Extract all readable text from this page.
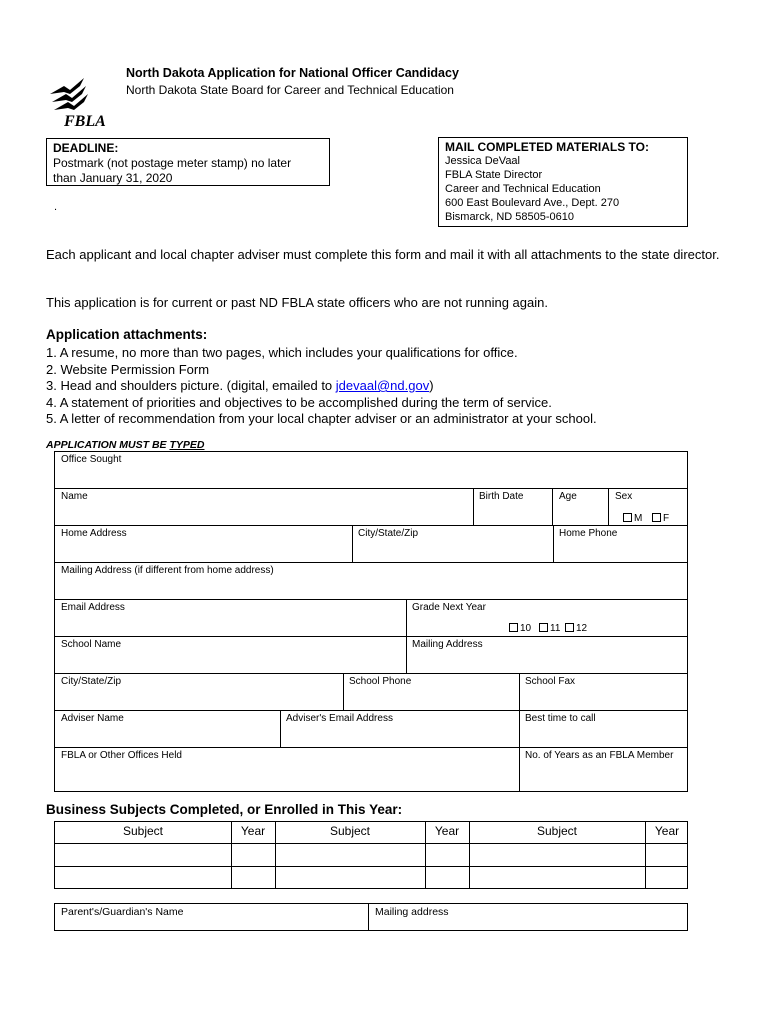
FBLA
North Dakota Application for National Officer Candidacy
North Dakota State Board for Career and Technical Education
DEADLINE:
Postmark (not postage meter stamp) no later
than January 31, 2020
.
MAIL COMPLETED MATERIALS TO:
Jessica DeVaal
FBLA State Director
Career and Technical Education
600 East Boulevard Ave., Dept. 270
Bismarck, ND 58505-0610
Each applicant and local chapter adviser must complete this form and mail it with all attachments to the state director.
This application is for current or past ND FBLA state officers who are not running again.
Application attachments:
1. A resume, no more than two pages, which includes your qualifications for office.
2. Website Permission Form
3. Head and shoulders picture. (digital, emailed to jdevaal@nd.gov)
4. A statement of priorities and objectives to be accomplished during the term of service.
5. A letter of recommendation from your local chapter adviser or an administrator at your school.
APPLICATION MUST BE TYPED
Office Sought
Name	Birth Date	Age	Sex
M	F
Home Address	City/State/Zip	Home Phone
Mailing Address (if different from home address)
Email Address	Grade Next Year
10	11	12
School Name	Mailing Address
City/State/Zip	School Phone	School Fax
Adviser Name	Adviser's Email Address	Best time to call
FBLA or Other Offices Held	No. of Years as an FBLA Member
Business Subjects Completed, or Enrolled in This Year:
Subject	Year	Subject	Year	Subject	Year
Parent's/Guardian's Name	Mailing address
